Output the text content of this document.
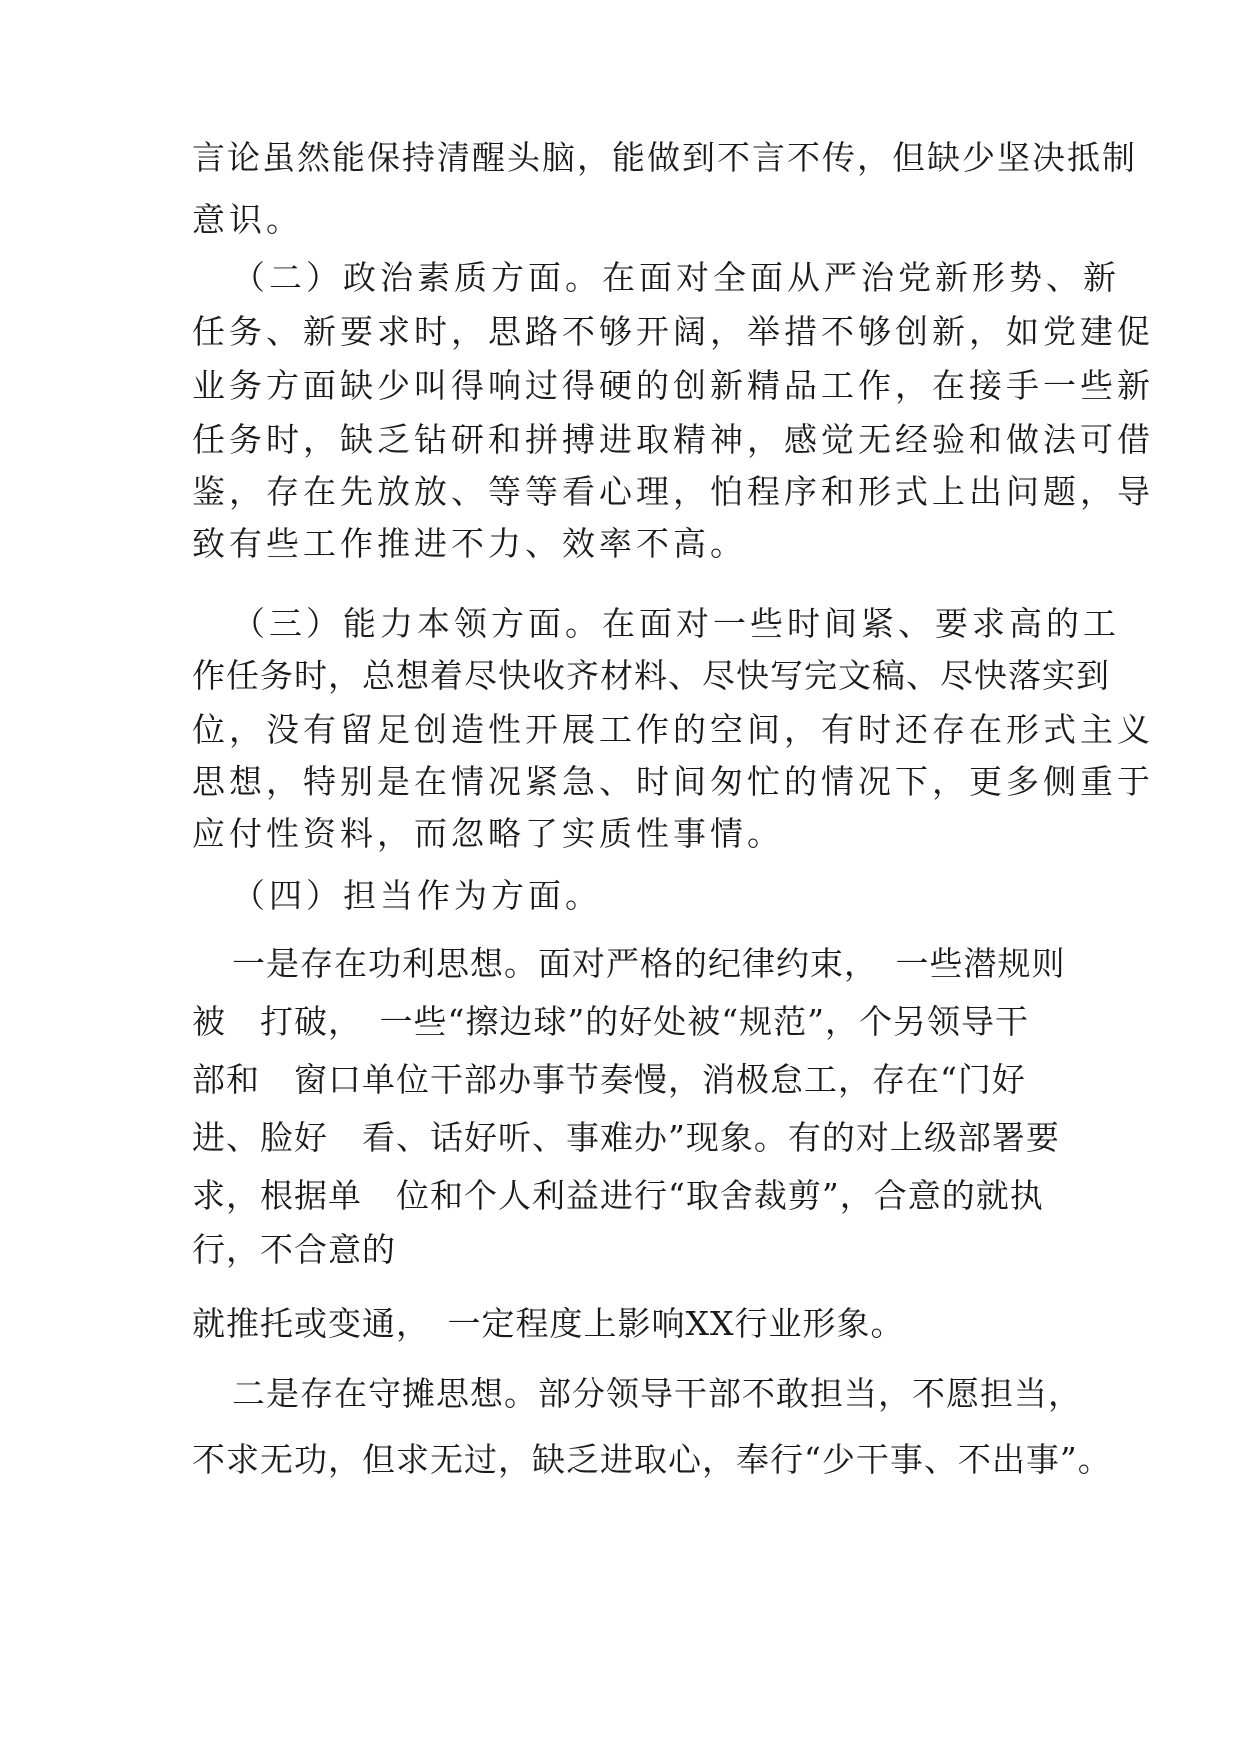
言论虽然能保持清醒头脑，能做到不言不传，但缺少坚决抵制
意识。
（二）政治素质方面。在面对全面从严治党新形势、新
任务、新要求时，思路不够开阔，举措不够创新，如党建促
业务方面缺少叫得响过得硬的创新精品工作，在接手一些新
任务时，缺乏钻研和拼搏进取精神，感觉无经验和做法可借
鉴，存在先放放、等等看心理，怕程序和形式上出问题，导
致有些工作推进不力、效率不高。
（三）能力本领方面。在面对一些时间紧、要求高的工
作任务时，总想着尽快收齐材料、尽快写完文稿、尽快落实到
位，没有留足创造性开展工作的空间，有时还存在形式主义
思想，特别是在情况紧急、时间匆忙的情况下，更多侧重于
应付性资料，而忽略了实质性事情。
（四）担当作为方面。
一是存在功利思想。面对严格的纪律约束，　一些潜规则
被　打破，　一些“擦边球”的好处被“规范”，个另领导干
部和　窗口单位干部办事节奏慢，消极怠工，存在“门好
进、脸好　看、话好听、事难办”现象。有的对上级部署要
求，根据单　位和个人利益进行“取舍裁剪”，合意的就执
行，不合意的
就推托或变通，　一定程度上影响XX行业形象。
二是存在守摊思想。部分领导干部不敢担当，不愿担当，
不求无功，但求无过，缺乏进取心，奉行“少干事、不出事”。
